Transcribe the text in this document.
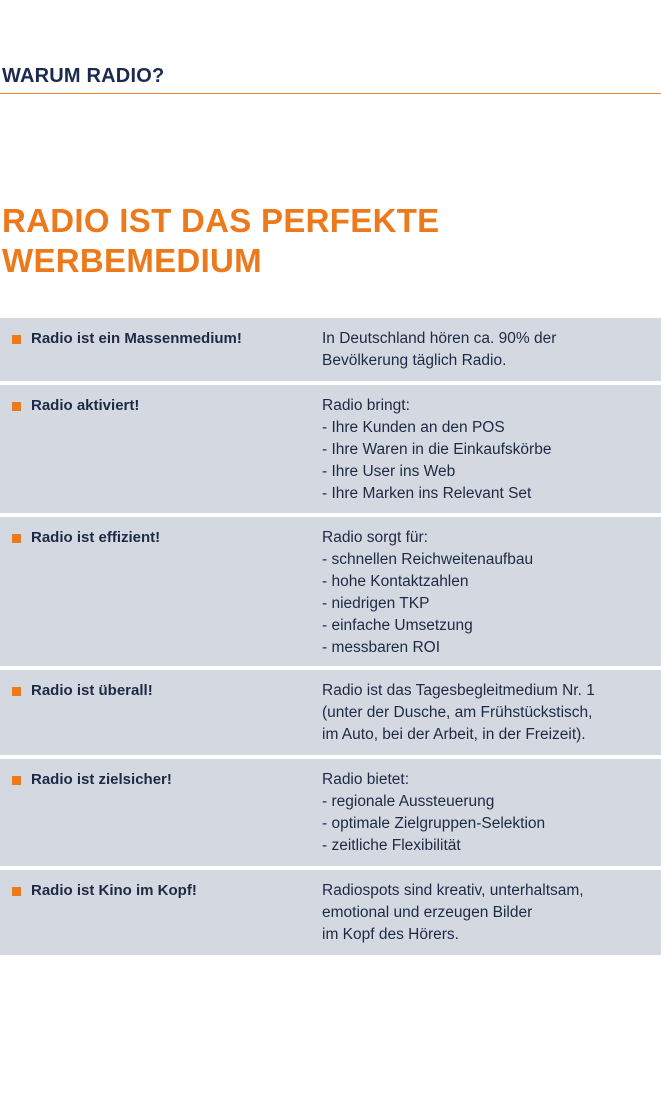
WARUM RADIO?
RADIO IST DAS PERFEKTE
WERBEMEDIUM
Radio ist ein Massenmedium!	In Deutschland hören ca. 90% der
Bevölkerung täglich Radio.
Radio aktiviert!	Radio bringt:
- Ihre Kunden an den POS
- Ihre Waren in die Einkaufskörbe
- Ihre User ins Web
- Ihre Marken ins Relevant Set
Radio ist effizient!	Radio sorgt für:
- schnellen Reichweitenaufbau
- hohe Kontaktzahlen
- niedrigen TKP
- einfache Umsetzung
- messbaren ROI
Radio ist überall!	Radio ist das Tagesbegleitmedium Nr. 1
(unter der Dusche, am Frühstückstisch,
im Auto, bei der Arbeit, in der Freizeit).
Radio ist zielsicher!	Radio bietet:
- regionale Aussteuerung
- optimale Zielgruppen-Selektion
- zeitliche Flexibilität
Radio ist Kino im Kopf!	Radiospots sind kreativ, unterhaltsam,
emotional und erzeugen Bilder
im Kopf des Hörers.
